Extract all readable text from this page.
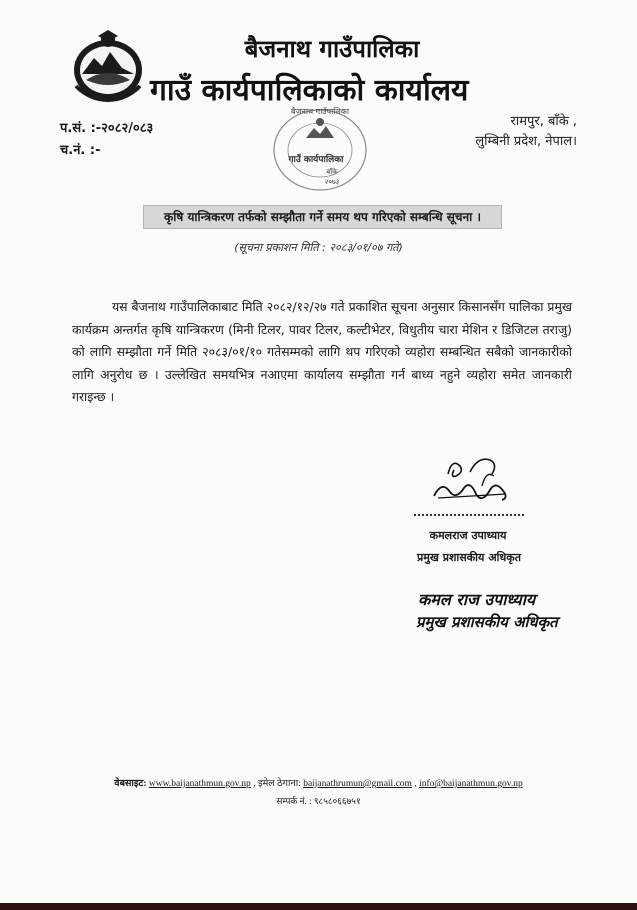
बैजनाथ गाउँपालिका
गाउँ कार्यपालिकाको कार्यालय
प.सं. :-२०८२/०८३
च.नं. :-
रामपुर, बाँके ,
लुम्बिनी प्रदेश, नेपाल।
बैजनाथ गाउँपालिका
गाउँ कार्यपालिका
बाँके
२०७३
कृषि यान्त्रिकरण तर्फको सम्झौता गर्ने समय थप गरिएको सम्बन्धि सूचना ।
(सूचना प्रकाशन मिति : २०८३/०१/०७ गते)
यस बैजनाथ गाउँपालिकाबाट मिति २०८२/१२/२७ गते प्रकाशित सूचना अनुसार किसानसँग पालिका प्रमुख कार्यक्रम अन्तर्गत कृषि यान्त्रिकरण (मिनी टिलर, पावर टिलर, कल्टीभेटर, विधुतीय चारा मेशिन र डिजिटल तराजु) को लागि सम्झौता गर्ने मिति २०८३/०१/१० गतेसम्मको लागि थप गरिएको व्यहोरा सम्बन्धित सबैको जानकारीको लागि अनुरोध छ । उल्लेखित समयभित्र नआएमा कार्यालय सम्झौता गर्न बाध्य नहुने व्यहोरा समेत जानकारी गराइन्छ ।
कमलराज उपाध्याय
प्रमुख प्रशासकीय अधिकृत
कमल राज उपाध्याय
प्रमुख प्रशासकीय अधिकृत
वेबसाइट: www.baijanathmun.gov.np , इमेल ठेगाना: baijanathrumun@gmail.com , info@baijanathmun.gov.np
सम्पर्क नं. : ९८५८०६६७५१
